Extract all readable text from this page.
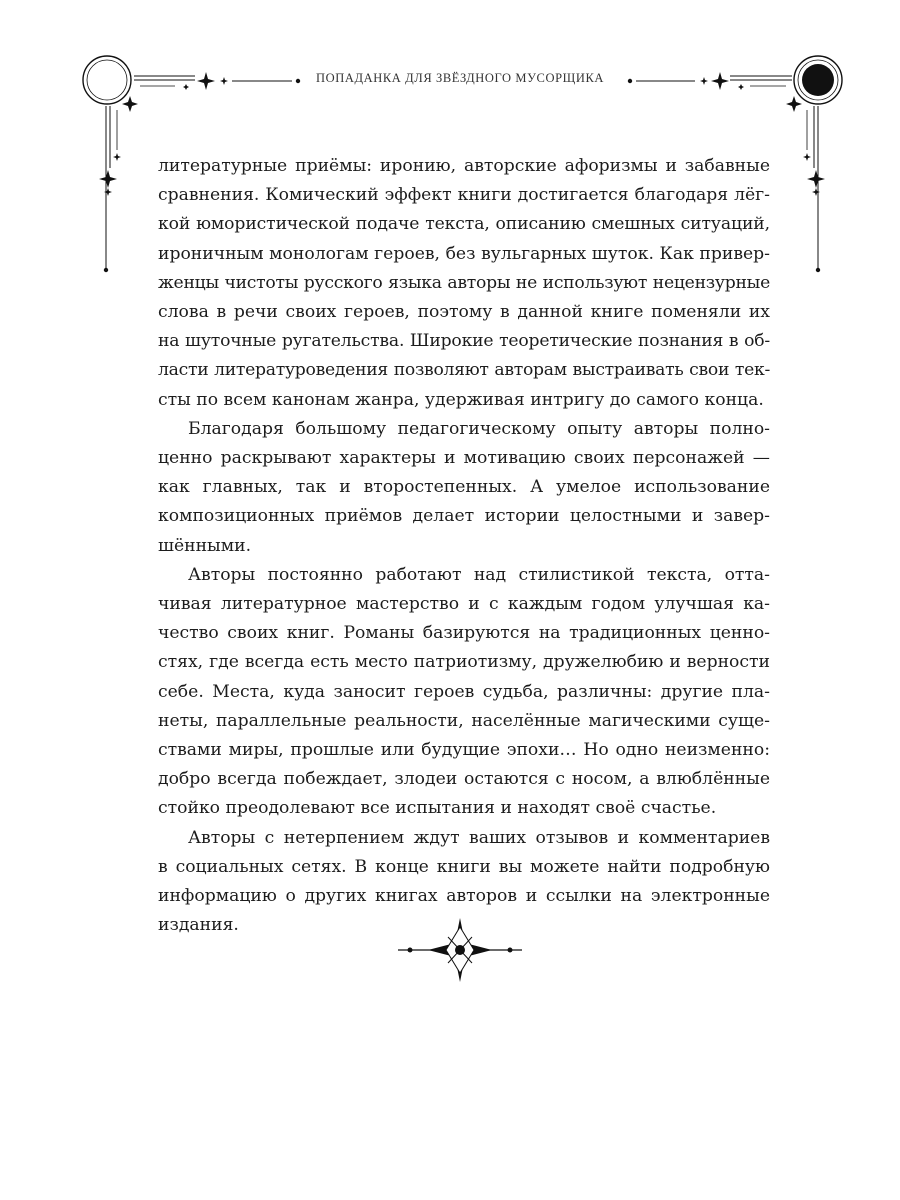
ПОПАДАНКА ДЛЯ ЗВЁЗДНОГО МУСОРЩИКА
литературные приёмы: иронию, авторские афоризмы и забавные
сравнения. Комический эффект книги достигается благодаря лёг-
кой юмористической подаче текста, описанию смешных ситуаций,
ироничным монологам героев, без вульгарных шуток. Как привер-
женцы чистоты русского языка авторы не используют нецензурные
слова в речи своих героев, поэтому в данной книге поменяли их
на шуточные ругательства. Широкие теоретические познания в об-
ласти литературоведения позволяют авторам выстраивать свои тек-
сты по всем канонам жанра, удерживая интригу до самого конца.
Благодаря большому педагогическому опыту авторы полно-
ценно раскрывают характеры и мотивацию своих персонажей —
как главных, так и второстепенных. А умелое использование
композиционных приёмов делает истории целостными и завер-
шёнными.
Авторы постоянно работают над стилистикой текста, отта-
чивая литературное мастерство и с каждым годом улучшая ка-
чество своих книг. Романы базируются на традиционных ценно-
стях, где всегда есть место патриотизму, дружелюбию и верности
себе. Места, куда заносит героев судьба, различны: другие пла-
неты, параллельные реальности, населённые магическими суще-
ствами миры, прошлые или будущие эпохи… Но одно неизменно:
добро всегда побеждает, злодеи остаются с носом, а влюблённые
стойко преодолевают все испытания и находят своё счастье.
Авторы с нетерпением ждут ваших отзывов и комментариев
в социальных сетях. В конце книги вы можете найти подробную
информацию о других книгах авторов и ссылки на электронные
издания.
